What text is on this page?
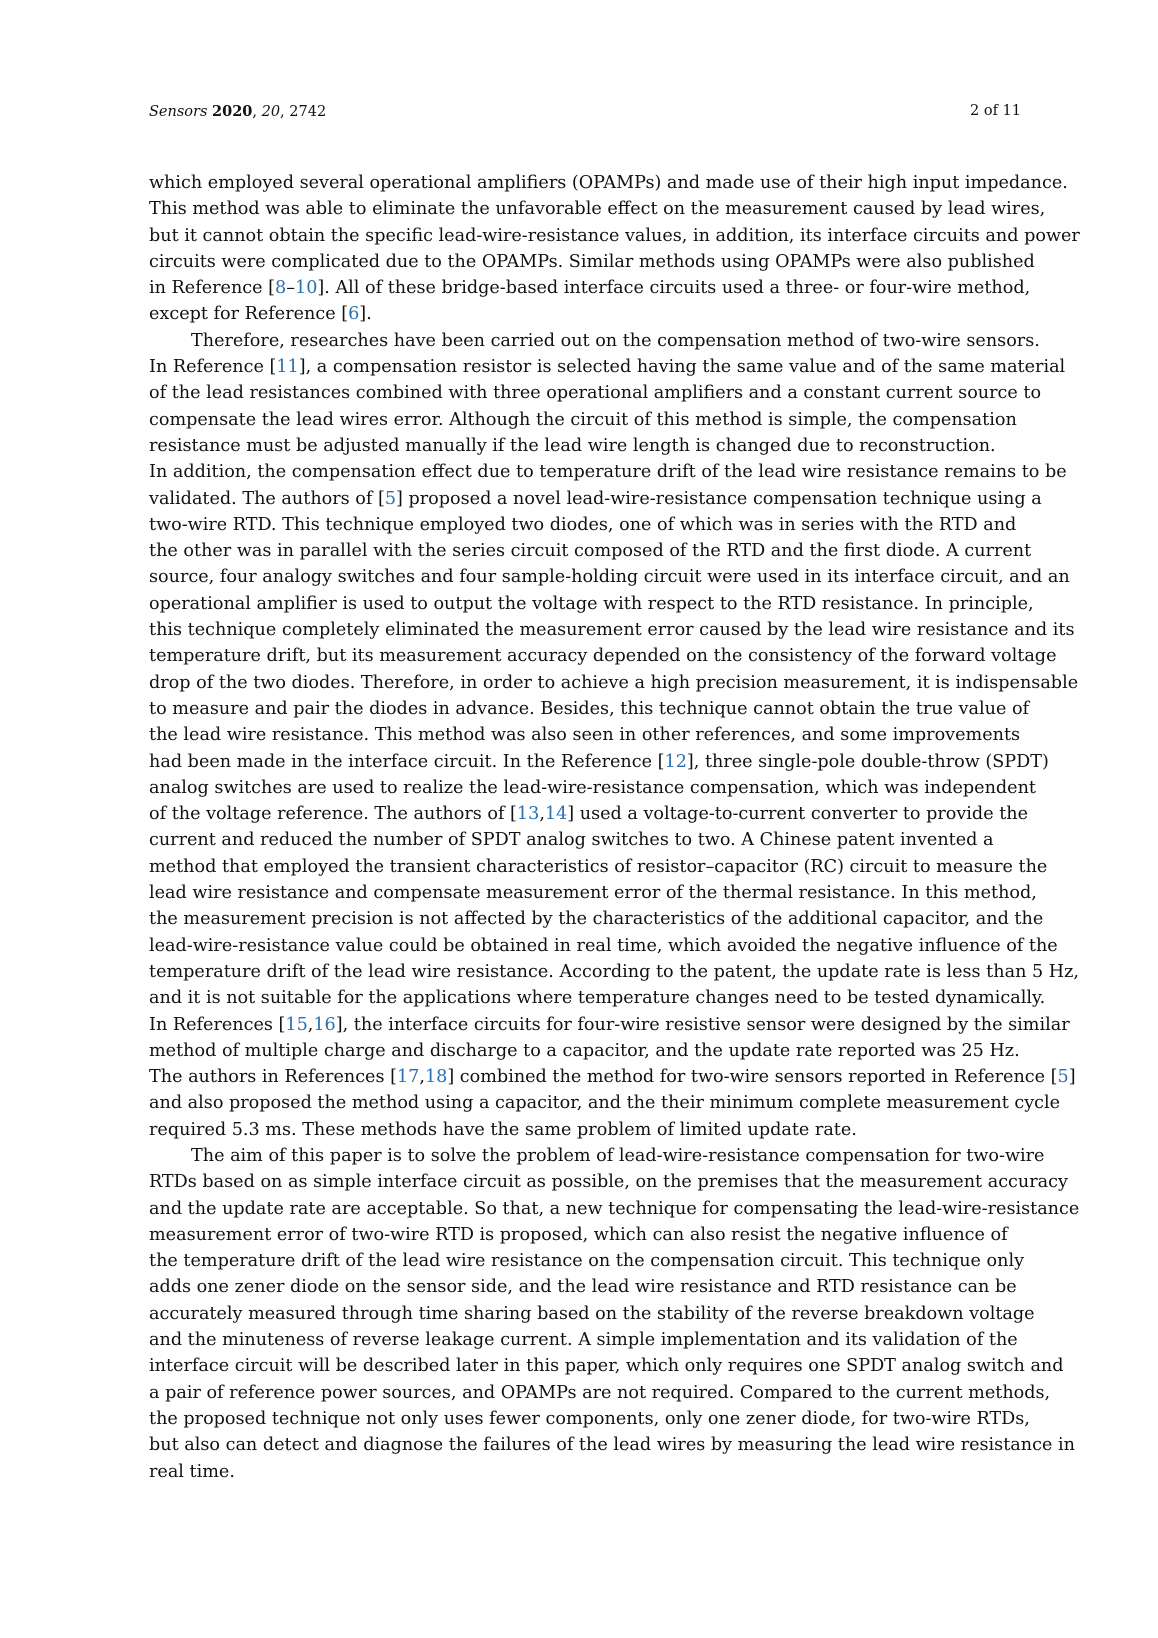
Sensors 2020, 20, 2742	2 of 11
which employed several operational amplifiers (OPAMPs) and made use of their high input impedance.
This method was able to eliminate the unfavorable effect on the measurement caused by lead wires,
but it cannot obtain the specific lead-wire-resistance values, in addition, its interface circuits and power
circuits were complicated due to the OPAMPs. Similar methods using OPAMPs were also published
in Reference [8–10]. All of these bridge-based interface circuits used a three- or four-wire method,
except for Reference [6].
Therefore, researches have been carried out on the compensation method of two-wire sensors.
In Reference [11], a compensation resistor is selected having the same value and of the same material
of the lead resistances combined with three operational amplifiers and a constant current source to
compensate the lead wires error. Although the circuit of this method is simple, the compensation
resistance must be adjusted manually if the lead wire length is changed due to reconstruction.
In addition, the compensation effect due to temperature drift of the lead wire resistance remains to be
validated. The authors of [5] proposed a novel lead-wire-resistance compensation technique using a
two-wire RTD. This technique employed two diodes, one of which was in series with the RTD and
the other was in parallel with the series circuit composed of the RTD and the first diode. A current
source, four analogy switches and four sample-holding circuit were used in its interface circuit, and an
operational amplifier is used to output the voltage with respect to the RTD resistance. In principle,
this technique completely eliminated the measurement error caused by the lead wire resistance and its
temperature drift, but its measurement accuracy depended on the consistency of the forward voltage
drop of the two diodes. Therefore, in order to achieve a high precision measurement, it is indispensable
to measure and pair the diodes in advance. Besides, this technique cannot obtain the true value of
the lead wire resistance. This method was also seen in other references, and some improvements
had been made in the interface circuit. In the Reference [12], three single-pole double-throw (SPDT)
analog switches are used to realize the lead-wire-resistance compensation, which was independent
of the voltage reference. The authors of [13,14] used a voltage-to-current converter to provide the
current and reduced the number of SPDT analog switches to two. A Chinese patent invented a
method that employed the transient characteristics of resistor–capacitor (RC) circuit to measure the
lead wire resistance and compensate measurement error of the thermal resistance. In this method,
the measurement precision is not affected by the characteristics of the additional capacitor, and the
lead-wire-resistance value could be obtained in real time, which avoided the negative influence of the
temperature drift of the lead wire resistance. According to the patent, the update rate is less than 5 Hz,
and it is not suitable for the applications where temperature changes need to be tested dynamically.
In References [15,16], the interface circuits for four-wire resistive sensor were designed by the similar
method of multiple charge and discharge to a capacitor, and the update rate reported was 25 Hz.
The authors in References [17,18] combined the method for two-wire sensors reported in Reference [5]
and also proposed the method using a capacitor, and the their minimum complete measurement cycle
required 5.3 ms. These methods have the same problem of limited update rate.
The aim of this paper is to solve the problem of lead-wire-resistance compensation for two-wire
RTDs based on as simple interface circuit as possible, on the premises that the measurement accuracy
and the update rate are acceptable. So that, a new technique for compensating the lead-wire-resistance
measurement error of two-wire RTD is proposed, which can also resist the negative influence of
the temperature drift of the lead wire resistance on the compensation circuit. This technique only
adds one zener diode on the sensor side, and the lead wire resistance and RTD resistance can be
accurately measured through time sharing based on the stability of the reverse breakdown voltage
and the minuteness of reverse leakage current. A simple implementation and its validation of the
interface circuit will be described later in this paper, which only requires one SPDT analog switch and
a pair of reference power sources, and OPAMPs are not required. Compared to the current methods,
the proposed technique not only uses fewer components, only one zener diode, for two-wire RTDs,
but also can detect and diagnose the failures of the lead wires by measuring the lead wire resistance in
real time.
